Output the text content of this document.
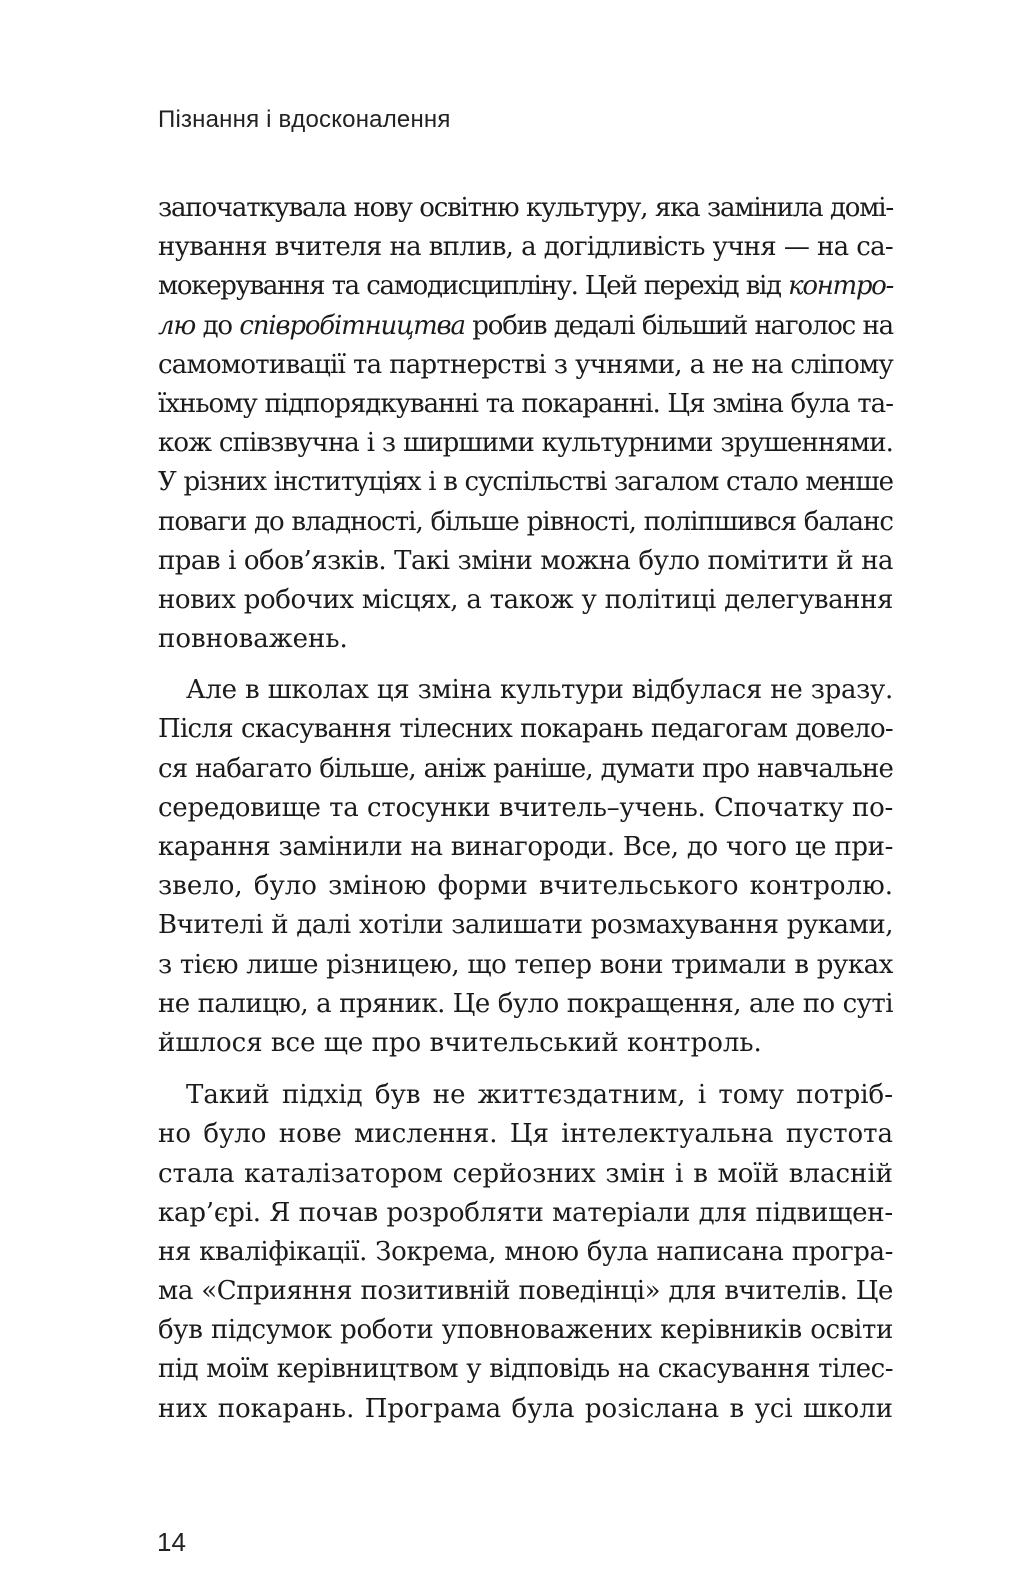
Пізнання і вдосконалення
започаткувала нову освітню культуру, яка замінила домі-
нування вчителя на вплив, а догідливість учня — на са-
мокерування та самодисципліну. Цей перехід від контро-
лю до співробітництва робив дедалі більший наголос на
самомотивації та партнерстві з учнями, а не на сліпому
їхньому підпорядкуванні та покаранні. Ця зміна була та-
кож співзвучна і з ширшими культурними зрушеннями.
У різних інституціях і в суспільстві загалом стало менше
поваги до владності, більше рівності, поліпшився баланс
прав і обов’язків. Такі зміни можна було помітити й на
нових робочих місцях, а також у політиці делегування
повноважень.
Але в школах ця зміна культури відбулася не зразу.
Після скасування тілесних покарань педагогам довело-
ся набагато більше, аніж раніше, думати про навчальне
середовище та стосунки вчитель–учень. Спочатку по-
карання замінили на винагороди. Все, до чого це при-
звело, було зміною форми вчительського контролю.
Вчителі й далі хотіли залишати розмахування руками,
з тією лише різницею, що тепер вони тримали в руках
не палицю, а пряник. Це було покращення, але по суті
йшлося все ще про вчительський контроль.
Такий підхід був не життєздатним, і тому потріб-
но було нове мислення. Ця інтелектуальна пустота
стала каталізатором серйозних змін і в моїй власній
кар’єрі. Я почав розробляти матеріали для підвищен-
ня кваліфікації. Зокрема, мною була написана програ-
ма «Сприяння позитивній поведінці» для вчителів. Це
був підсумок роботи уповноважених керівників освіти
під моїм керівництвом у відповідь на скасування тілес-
них покарань. Програма була розіслана в усі школи
14
